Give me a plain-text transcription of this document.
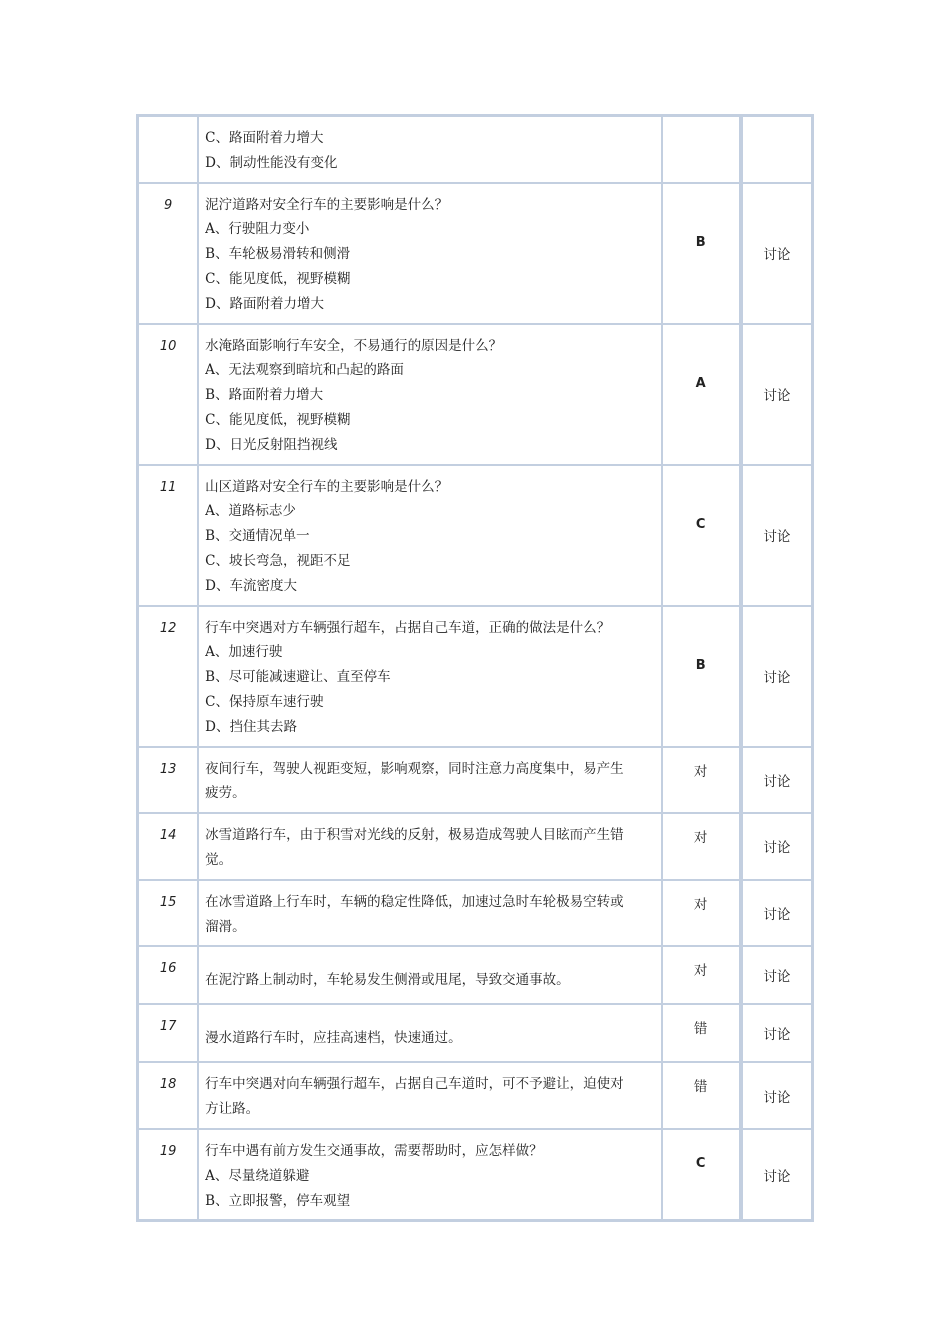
	C、路面附着力增大
D、制动性能没有变化		

9	泥泞道路对安全行车的主要影响是什么？
A、行驶阻力变小
B、车轮极易滑转和侧滑
C、能见度低，视野模糊
D、路面附着力增大	B	讨论

10	水淹路面影响行车安全，不易通行的原因是什么？
A、无法观察到暗坑和凸起的路面
B、路面附着力增大
C、能见度低，视野模糊
D、日光反射阻挡视线	A	讨论

11	山区道路对安全行车的主要影响是什么？
A、道路标志少
B、交通情况单一
C、坡长弯急，视距不足
D、车流密度大	C	讨论

12	行车中突遇对方车辆强行超车，占据自己车道，正确的做法是什么？
A、加速行驶
B、尽可能减速避让、直至停车
C、保持原车速行驶
D、挡住其去路	B	讨论

13	夜间行车，驾驶人视距变短，影响观察，同时注意力高度集中，易产生
疲劳。	对	讨论

14	冰雪道路行车，由于积雪对光线的反射，极易造成驾驶人目眩而产生错
觉。	对	讨论

15	在冰雪道路上行车时，车辆的稳定性降低，加速过急时车轮极易空转或
溜滑。	对	讨论

16	在泥泞路上制动时，车轮易发生侧滑或甩尾，导致交通事故。	对	讨论

17	漫水道路行车时，应挂高速档，快速通过。	错	讨论

18	行车中突遇对向车辆强行超车，占据自己车道时，可不予避让，迫使对
方让路。	错	讨论

19	行车中遇有前方发生交通事故，需要帮助时，应怎样做？
A、尽量绕道躲避
B、立即报警，停车观望	C	讨论
